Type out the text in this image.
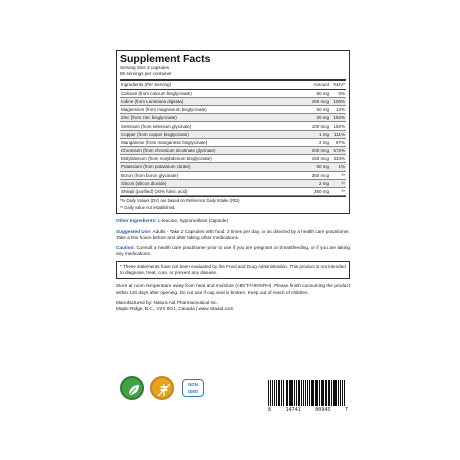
Supplement Facts
Serving Size 2 capsules
56 servings per container
Ingredients (Per Serving)	Amount	%DV*
Calcium (from calcium bisglycinate)	60 mg	5%
Iodine (from Laminaria digitata)	150 mcg	100%
Magnesium (from magnesium bisglycinate)	50 mg	12%
Zinc (from zinc bisglycinate)	20 mg	182%
Selenium (from selenium glycinate)	100 mcg	182%
Copper (from copper bisglycinate)	1 mg	111%
Manganese (from manganese bisglycinate)	2 mg	87%
Chromium (from chromium nicotinate glycinate)	200 mcg	572%
Molybdenum (from molybdenum bisglycinate)	150 mcg	333%
Potassium (from potassium citrate)	50 mg	1%
Boron (from boron glycinate)	350 mcg	**
Silicon (silicon dioxide)	2 mg	**
Shilajit (purified) (20% fulvic acid)	250 mg	**
*% Daily Values (DV) are based on Reference Daily Intake (RDI)
** Daily value not established.
Other Ingredients: L-leucine, hypromellose (capsule)
Suggested Use: Adults - Take 2 Capsules with food, 2 times per day, or as directed by a health care practitioner. Take a few hours before and after taking other medications.
Caution: Consult a health care practitioner prior to use if you are pregnant or breastfeeding, or if you are taking any medications.
* These statements have not been evaluated by the Food and Drug Administration. This product is not intended to diagnose, treat, cure, or prevent any disease.
Store at room temperature away from heat and moisture (<85°F/<60%RH). Please finish consuming the product within 120 days after opening. Do not use if cap seal is broken. Keep out of reach of children.
Manufactured by: Natura Aid Pharmaceutical Inc.
Maple Ridge, B.C., V2X 8G1, Canada | www.vitaaid.com
NON
GMO
8	14741	00945	7
